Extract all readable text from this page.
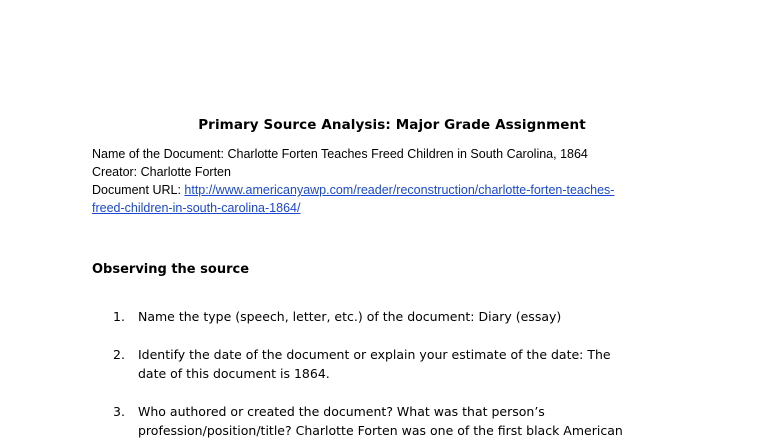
Primary Source Analysis: Major Grade Assignment
Name of the Document: Charlotte Forten Teaches Freed Children in South Carolina, 1864
Creator: Charlotte Forten
Document URL: http://www.americanyawp.com/reader/reconstruction/charlotte-forten-teaches-
freed-children-in-south-carolina-1864/
Observing the source
1. Name the type (speech, letter, etc.) of the document: Diary (essay)
2. Identify the date of the document or explain your estimate of the date: The
date of this document is 1864.
3. Who authored or created the document? What was that person’s
profession/position/title? Charlotte Forten was one of the first black American
